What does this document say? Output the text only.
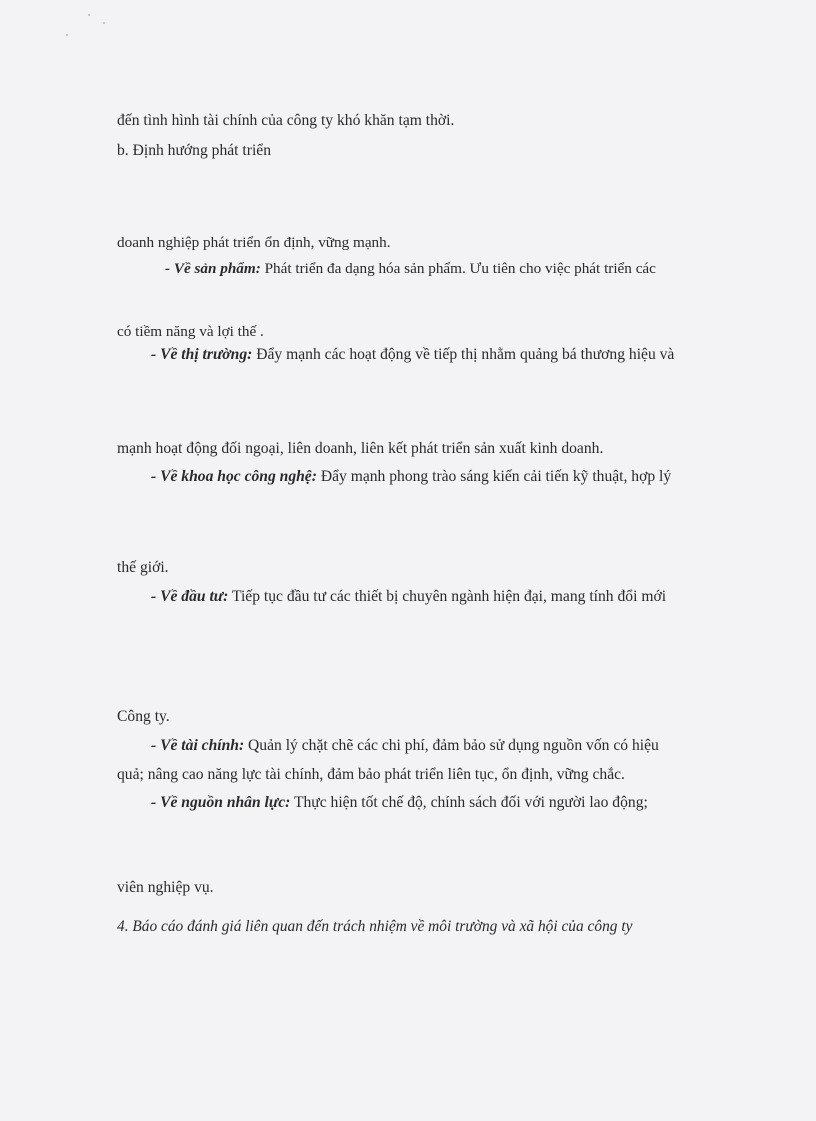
đến tình hình tài chính của công ty khó khăn tạm thời.
b. Định hướng phát triển
doanh nghiệp phát triển ổn định, vững mạnh.
- Về sản phẩm: Phát triển đa dạng hóa sản phẩm. Ưu tiên cho việc phát triển các
có tiềm năng và lợi thế .
- Về thị trường: Đẩy mạnh các hoạt động về tiếp thị nhằm quảng bá thương hiệu và
mạnh hoạt động đối ngoại, liên doanh, liên kết phát triển sản xuất kinh doanh.
- Về khoa học công nghệ: Đẩy mạnh phong trào sáng kiến cải tiến kỹ thuật, hợp lý
thế giới.
- Về đầu tư: Tiếp tục đầu tư các thiết bị chuyên ngành hiện đại, mang tính đổi mới
Công ty.
- Về tài chính: Quản lý chặt chẽ các chi phí, đảm bảo sử dụng nguồn vốn có hiệu
quả; nâng cao năng lực tài chính, đảm bảo phát triển liên tục, ổn định, vững chắc.
- Về nguồn nhân lực: Thực hiện tốt chế độ, chính sách đối với người lao động;
viên nghiệp vụ.
4. Báo cáo đánh giá liên quan đến trách nhiệm về môi trường và xã hội của công ty
